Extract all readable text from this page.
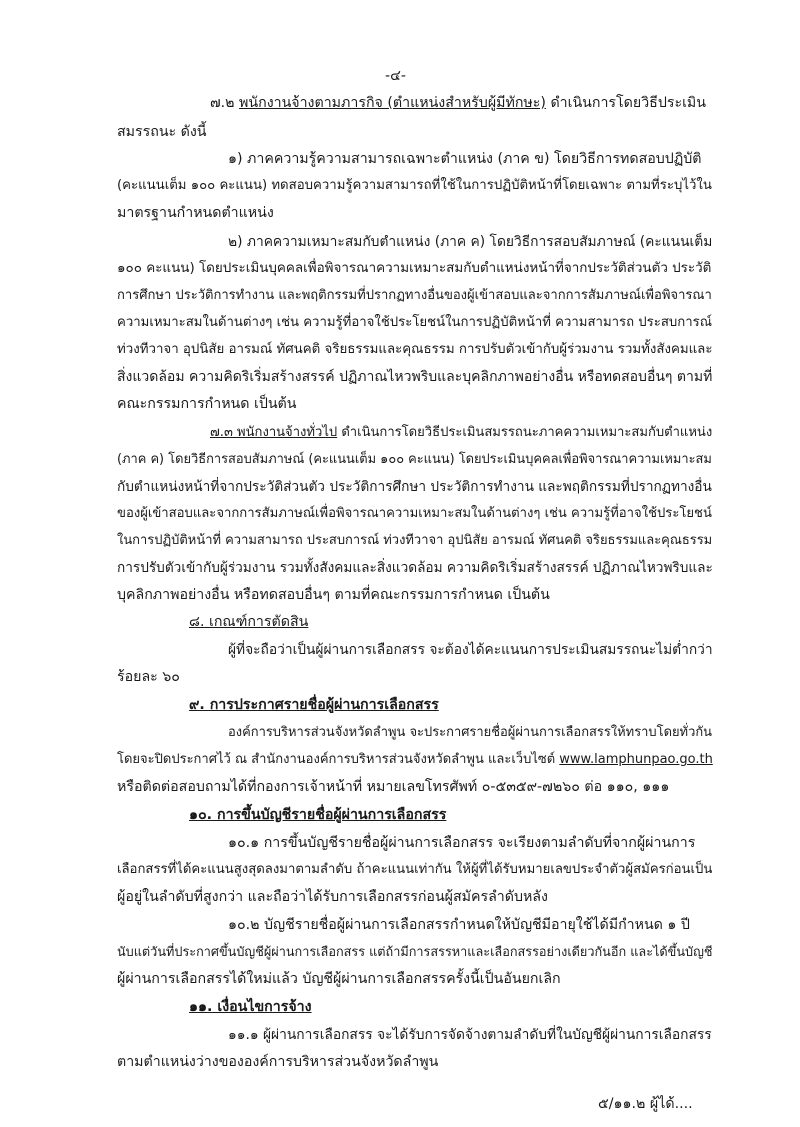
-๔-
๗.๒ พนักงานจ้างตามภารกิจ (ตำแหน่งสำหรับผู้มีทักษะ) ดำเนินการโดยวิธีประเมิน
สมรรถนะ ดังนี้
๑) ภาคความรู้ความสามารถเฉพาะตำแหน่ง (ภาค ข) โดยวิธีการทดสอบปฏิบัติ
(คะแนนเต็ม ๑๐๐ คะแนน) ทดสอบความรู้ความสามารถที่ใช้ในการปฏิบัติหน้าที่โดยเฉพาะ ตามที่ระบุไว้ใน
มาตรฐานกำหนดตำแหน่ง
๒) ภาคความเหมาะสมกับตำแหน่ง (ภาค ค) โดยวิธีการสอบสัมภาษณ์ (คะแนนเต็ม
๑๐๐ คะแนน) โดยประเมินบุคคลเพื่อพิจารณาความเหมาะสมกับตำแหน่งหน้าที่จากประวัติส่วนตัว ประวัติ
การศึกษา ประวัติการทำงาน และพฤติกรรมที่ปรากฏทางอื่นของผู้เข้าสอบและจากการสัมภาษณ์เพื่อพิจารณา
ความเหมาะสมในด้านต่างๆ เช่น ความรู้ที่อาจใช้ประโยชน์ในการปฏิบัติหน้าที่ ความสามารถ ประสบการณ์
ท่วงทีวาจา อุปนิสัย อารมณ์ ทัศนคติ จริยธรรมและคุณธรรม การปรับตัวเข้ากับผู้ร่วมงาน รวมทั้งสังคมและ
สิ่งแวดล้อม ความคิดริเริ่มสร้างสรรค์ ปฏิภาณไหวพริบและบุคลิกภาพอย่างอื่น หรือทดสอบอื่นๆ ตามที่
คณะกรรมการกำหนด เป็นต้น
๗.๓ พนักงานจ้างทั่วไป ดำเนินการโดยวิธีประเมินสมรรถนะภาคความเหมาะสมกับตำแหน่ง
(ภาค ค) โดยวิธีการสอบสัมภาษณ์ (คะแนนเต็ม ๑๐๐ คะแนน) โดยประเมินบุคคลเพื่อพิจารณาความเหมาะสม
กับตำแหน่งหน้าที่จากประวัติส่วนตัว ประวัติการศึกษา ประวัติการทำงาน และพฤติกรรมที่ปรากฏทางอื่น
ของผู้เข้าสอบและจากการสัมภาษณ์เพื่อพิจารณาความเหมาะสมในด้านต่างๆ เช่น ความรู้ที่อาจใช้ประโยชน์
ในการปฏิบัติหน้าที่ ความสามารถ ประสบการณ์ ท่วงทีวาจา อุปนิสัย อารมณ์ ทัศนคติ จริยธรรมและคุณธรรม
การปรับตัวเข้ากับผู้ร่วมงาน รวมทั้งสังคมและสิ่งแวดล้อม ความคิดริเริ่มสร้างสรรค์ ปฏิภาณไหวพริบและ
บุคลิกภาพอย่างอื่น หรือทดสอบอื่นๆ ตามที่คณะกรรมการกำหนด เป็นต้น
๘. เกณฑ์การตัดสิน
ผู้ที่จะถือว่าเป็นผู้ผ่านการเลือกสรร จะต้องได้คะแนนการประเมินสมรรถนะไม่ต่ำกว่า
ร้อยละ ๖๐
๙. การประกาศรายชื่อผู้ผ่านการเลือกสรร
องค์การบริหารส่วนจังหวัดลำพูน จะประกาศรายชื่อผู้ผ่านการเลือกสรรให้ทราบโดยทั่วกัน
โดยจะปิดประกาศไว้ ณ สำนักงานองค์การบริหารส่วนจังหวัดลำพูน และเว็บไซต์ www.lamphunpao.go.th
หรือติดต่อสอบถามได้ที่กองการเจ้าหน้าที่ หมายเลขโทรศัพท์ ๐-๕๓๕๙-๗๒๖๐ ต่อ ๑๑๐, ๑๑๑
๑๐. การขึ้นบัญชีรายชื่อผู้ผ่านการเลือกสรร
๑๐.๑ การขึ้นบัญชีรายชื่อผู้ผ่านการเลือกสรร จะเรียงตามลำดับที่จากผู้ผ่านการ
เลือกสรรที่ได้คะแนนสูงสุดลงมาตามลำดับ ถ้าคะแนนเท่ากัน ให้ผู้ที่ได้รับหมายเลขประจำตัวผู้สมัครก่อนเป็น
ผู้อยู่ในลำดับที่สูงกว่า และถือว่าได้รับการเลือกสรรก่อนผู้สมัครลำดับหลัง
๑๐.๒ บัญชีรายชื่อผู้ผ่านการเลือกสรรกำหนดให้บัญชีมีอายุใช้ได้มีกำหนด ๑ ปี
นับแต่วันที่ประกาศขึ้นบัญชีผู้ผ่านการเลือกสรร แต่ถ้ามีการสรรหาและเลือกสรรอย่างเดียวกันอีก และได้ขึ้นบัญชี
ผู้ผ่านการเลือกสรรได้ใหม่แล้ว บัญชีผู้ผ่านการเลือกสรรครั้งนี้เป็นอันยกเลิก
๑๑. เงื่อนไขการจ้าง
๑๑.๑ ผู้ผ่านการเลือกสรร จะได้รับการจัดจ้างตามลำดับที่ในบัญชีผู้ผ่านการเลือกสรร
ตามตำแหน่งว่างขององค์การบริหารส่วนจังหวัดลำพูน
๕/๑๑.๒ ผู้ได้....
